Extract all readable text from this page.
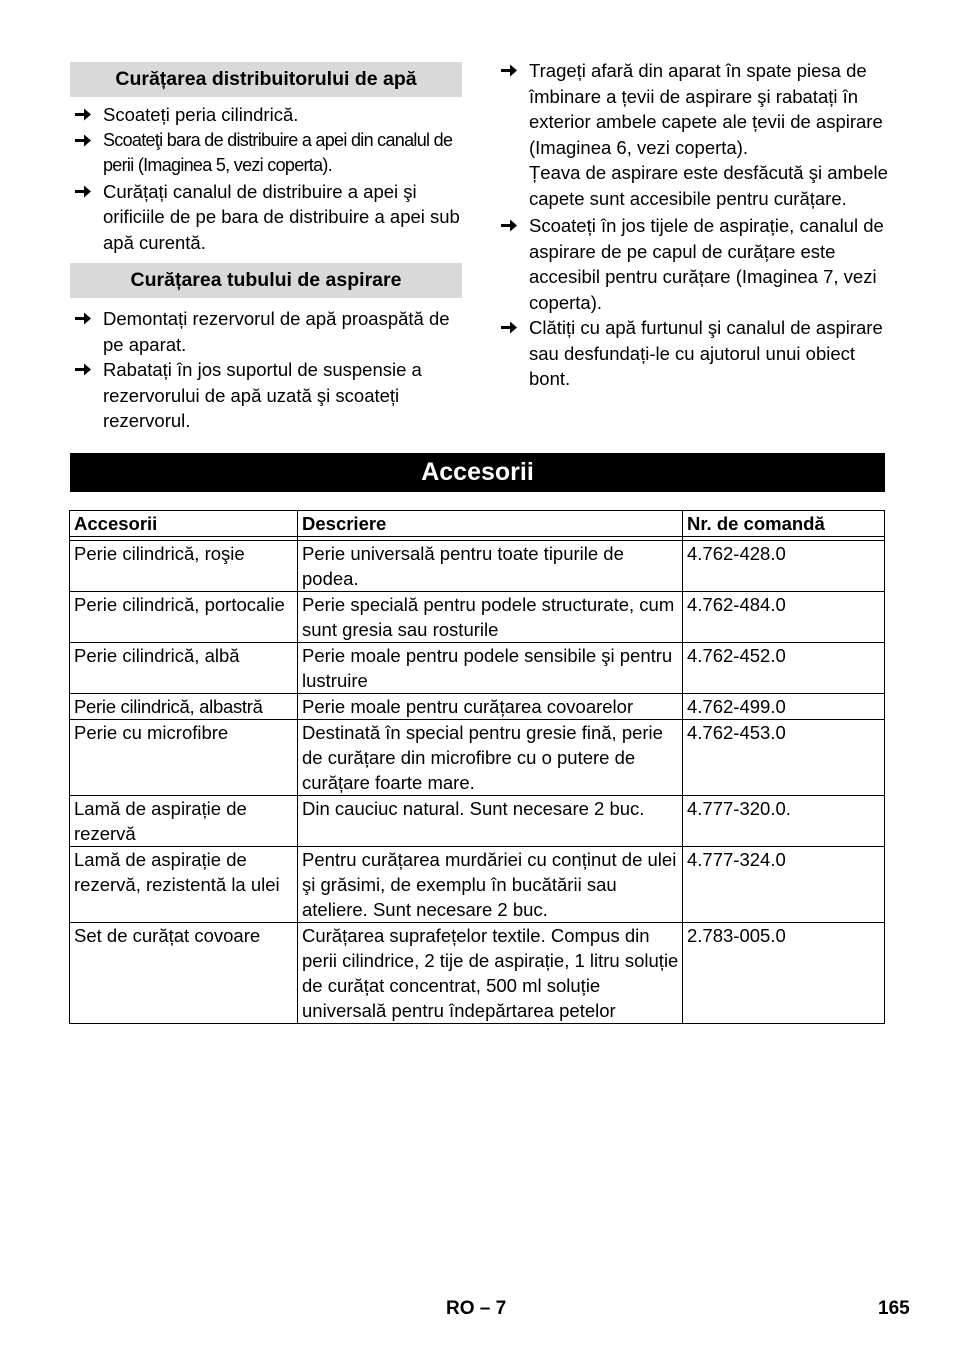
Curățarea distribuitorului de apă
Scoateți peria cilindrică.
Scoateţi bara de distribuire a apei din canalul de perii (Imaginea 5, vezi coperta).
Curățați canalul de distribuire a apei şi orificiile de pe bara de distribuire a apei sub apă curentă.
Curățarea tubului de aspirare
Demontați rezervorul de apă proaspătă de pe aparat.
Rabatați în jos suportul de suspensie a rezervorului de apă uzată şi scoateți rezervorul.
Trageți afară din aparat în spate piesa de îmbinare a țevii de aspirare şi rabatați în exterior ambele capete ale țevii de aspirare (Imaginea 6, vezi coperta).
Țeava de aspirare este desfăcută şi ambele capete sunt accesibile pentru curățare.
Scoateți în jos tijele de aspirație, canalul de aspirare de pe capul de curățare este accesibil pentru curățare (Imaginea 7, vezi coperta).
Clătiți cu apă furtunul şi canalul de aspirare sau desfundați-le cu ajutorul unui obiect bont.
Accesorii
Accesorii	Descriere	Nr. de comandă

Perie cilindrică, roşie	Perie universală pentru toate tipurile de podea.	4.762-428.0
Perie cilindrică, portocalie	Perie specială pentru podele structurate, cum sunt gresia sau rosturile	4.762-484.0
Perie cilindrică, albă	Perie moale pentru podele sensibile şi pentru lustruire	4.762-452.0
Perie cilindrică, albastră	Perie moale pentru curățarea covoarelor	4.762-499.0
Perie cu microfibre	Destinată în special pentru gresie fină, perie de curățare din microfibre cu o putere de curățare foarte mare.	4.762-453.0
Lamă de aspirație de rezervă	Din cauciuc natural. Sunt necesare 2 buc.	4.777-320.0.
Lamă de aspirație de rezervă, rezistentă la ulei	Pentru curățarea murdăriei cu conținut de ulei şi grăsimi, de exemplu în bucătării sau ateliere. Sunt necesare 2 buc.	4.777-324.0
Set de curățat covoare	Curățarea suprafețelor textile. Compus din perii cilindrice, 2 tije de aspirație, 1 litru soluție de curățat concentrat, 500 ml soluție universală pentru îndepărtarea petelor	2.783-005.0
RO – 7	165
